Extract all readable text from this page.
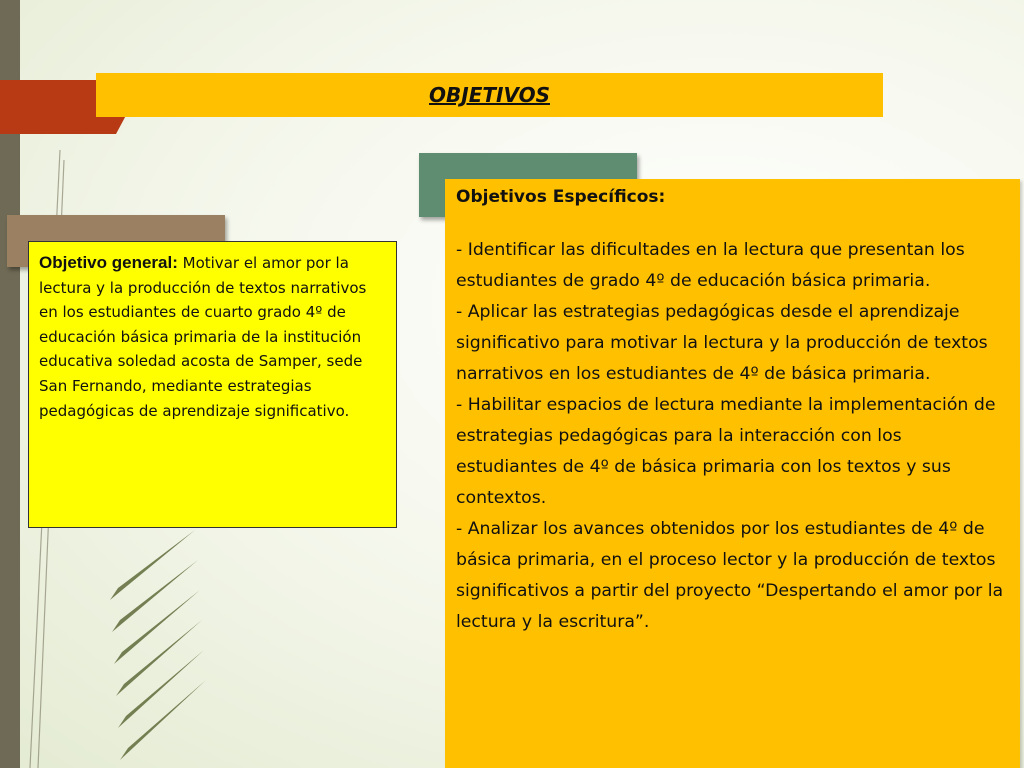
OBJETIVOS
Objetivos Específicos:
- Identificar las dificultades en la lectura que presentan los estudiantes de grado 4º de educación básica primaria.
- Aplicar las estrategias pedagógicas desde el aprendizaje significativo para motivar la lectura y la producción de textos narrativos en los estudiantes de 4º de básica primaria.
- Habilitar espacios de lectura mediante la implementación de estrategias pedagógicas para la interacción con los estudiantes de 4º de básica primaria con los textos y sus contextos.
- Analizar los avances obtenidos por los estudiantes de 4º de básica primaria, en el proceso lector y la producción de textos significativos a partir del proyecto “Despertando el amor por la lectura y la escritura”.

Objetivo general: Motivar el amor por la lectura y la producción de textos narrativos en los estudiantes de cuarto grado 4º de educación básica primaria de la institución educativa soledad acosta de Samper, sede San Fernando, mediante estrategias pedagógicas de aprendizaje significativo.
